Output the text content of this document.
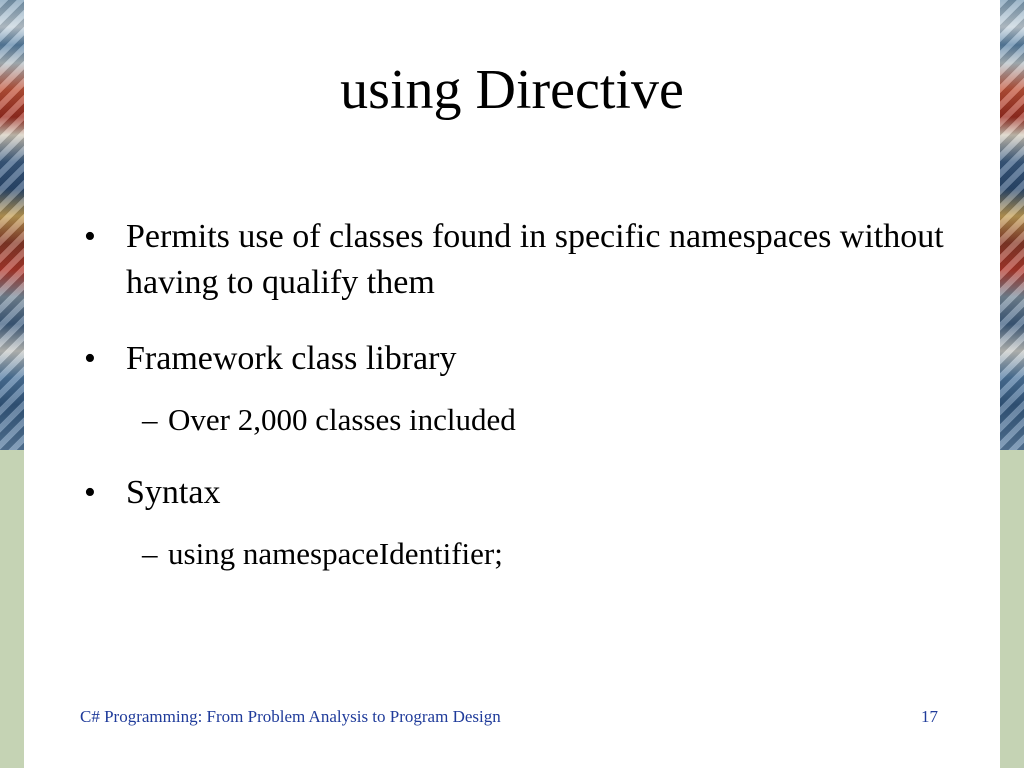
using Directive
• Permits use of classes found in specific namespaces without having to qualify them
• Framework class library
– Over 2,000 classes included
• Syntax
– using namespaceIdentifier;
C# Programming: From Problem Analysis to Program Design	17
